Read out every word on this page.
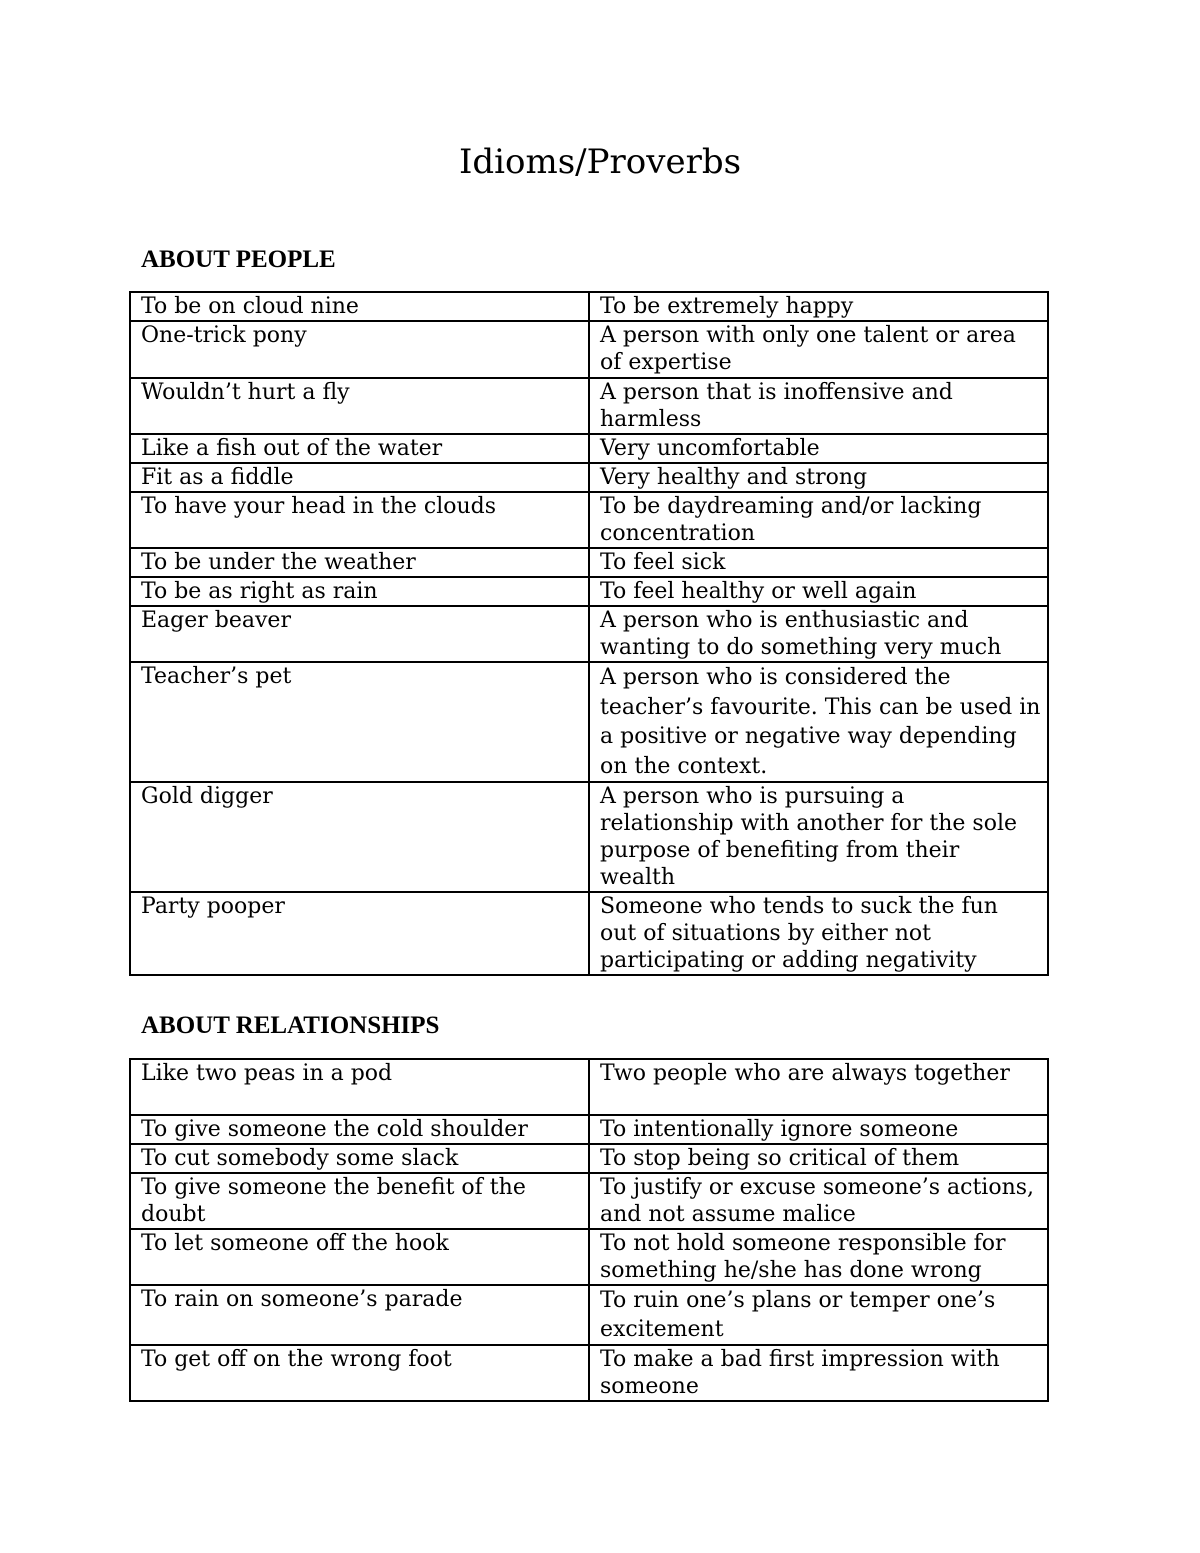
Idioms/Proverbs
ABOUT PEOPLE
To be on cloud nine	To be extremely happy
One-trick pony	A person with only one talent or area of expertise
Wouldn’t hurt a fly	A person that is inoffensive and harmless
Like a fish out of the water	Very uncomfortable
Fit as a fiddle	Very healthy and strong
To have your head in the clouds	To be daydreaming and/or lacking concentration
To be under the weather	To feel sick
To be as right as rain	To feel healthy or well again
Eager beaver	A person who is enthusiastic and wanting to do something very much
Teacher’s pet	A person who is considered the teacher’s favourite. This can be used in a positive or negative way depending on the context.
Gold digger	A person who is pursuing a relationship with another for the sole purpose of benefiting from their wealth
Party pooper	Someone who tends to suck the fun out of situations by either not participating or adding negativity
ABOUT RELATIONSHIPS
Like two peas in a pod	Two people who are always together
To give someone the cold shoulder	To intentionally ignore someone
To cut somebody some slack	To stop being so critical of them
To give someone the benefit of the doubt	To justify or excuse someone’s actions, and not assume malice
To let someone off the hook	To not hold someone responsible for something he/she has done wrong
To rain on someone’s parade	To ruin one’s plans or temper one’s excitement
To get off on the wrong foot	To make a bad first impression with someone
